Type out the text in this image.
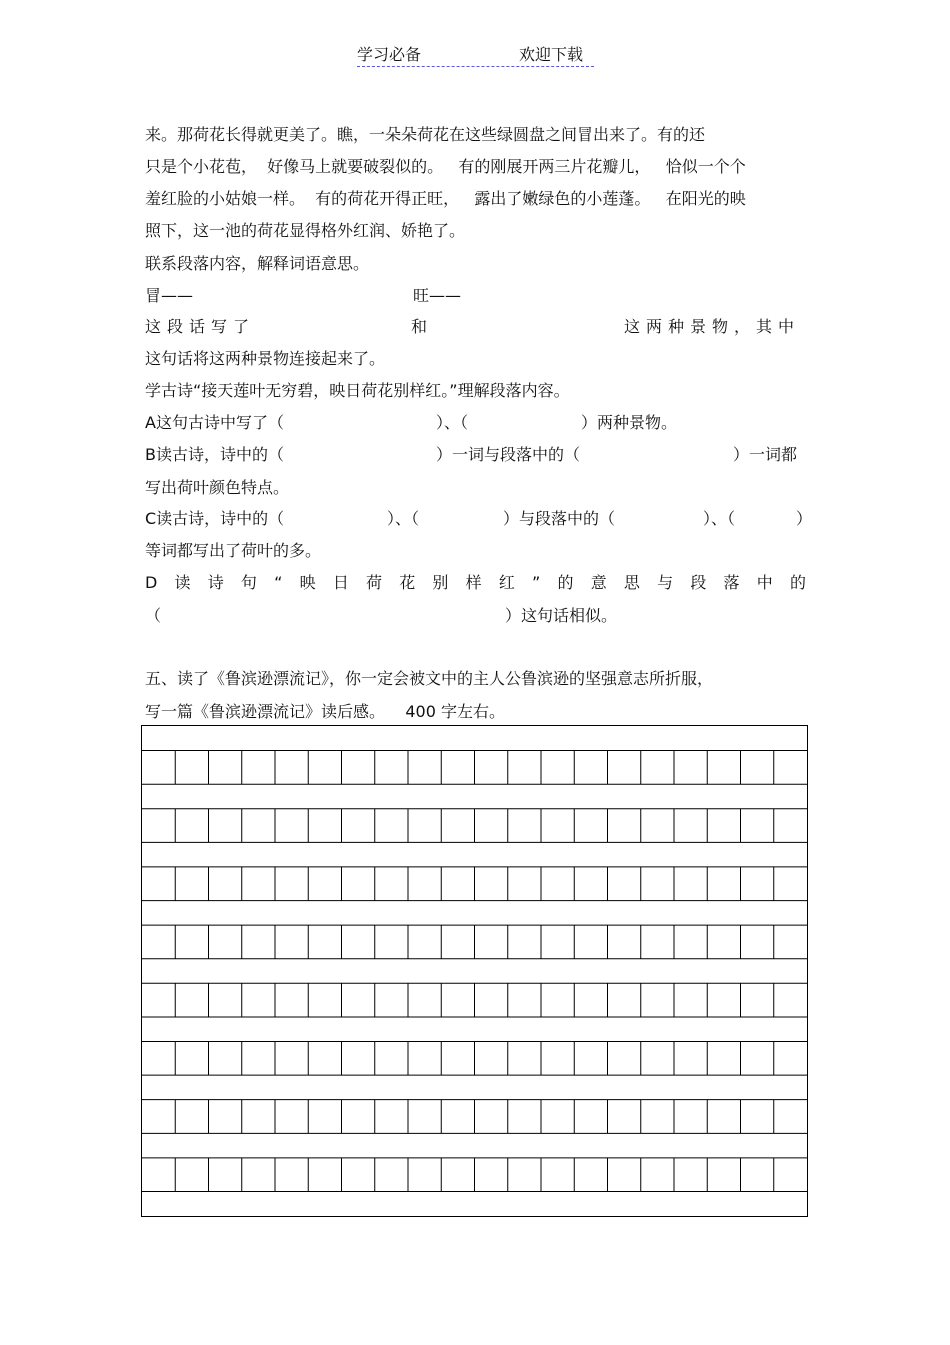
学习必备	欢迎下载
来。那荷花长得就更美了。瞧，一朵朵荷花在这些绿圆盘之间冒出来了。有的还
只是个小花苞，  好像马上就要破裂似的。   有的刚展开两三片花瓣儿，   恰似一个个
羞红脸的小姑娘一样。  有的荷花开得正旺，   露出了嫩绿色的小莲蓬。   在阳光的映
照下，这一池的荷花显得格外红润、娇艳了。
联系段落内容，解释词语意思。
冒——	旺——
这段话写了	和	这两种景物，其中
这句话将这两种景物连接起来了。
学古诗“接天莲叶无穷碧，映日荷花别样红。”理解段落内容。
A这句古诗中写了（	）、（	）两种景物。
B读古诗，诗中的（	）一词与段落中的（	）一词都
写出荷叶颜色特点。
C读古诗，诗中的（	）、（	）与段落中的（	）、（	）
等词都写出了荷叶的多。
D 读 诗 句 “ 映 日 荷 花 别 样 红 ” 的 意 思 与 段 落 中 的
（	）这句话相似。
五、读了《鲁滨逊漂流记》，你一定会被文中的主人公鲁滨逊的坚强意志所折服，
写一篇《鲁滨逊漂流记》读后感。    400 字左右。
